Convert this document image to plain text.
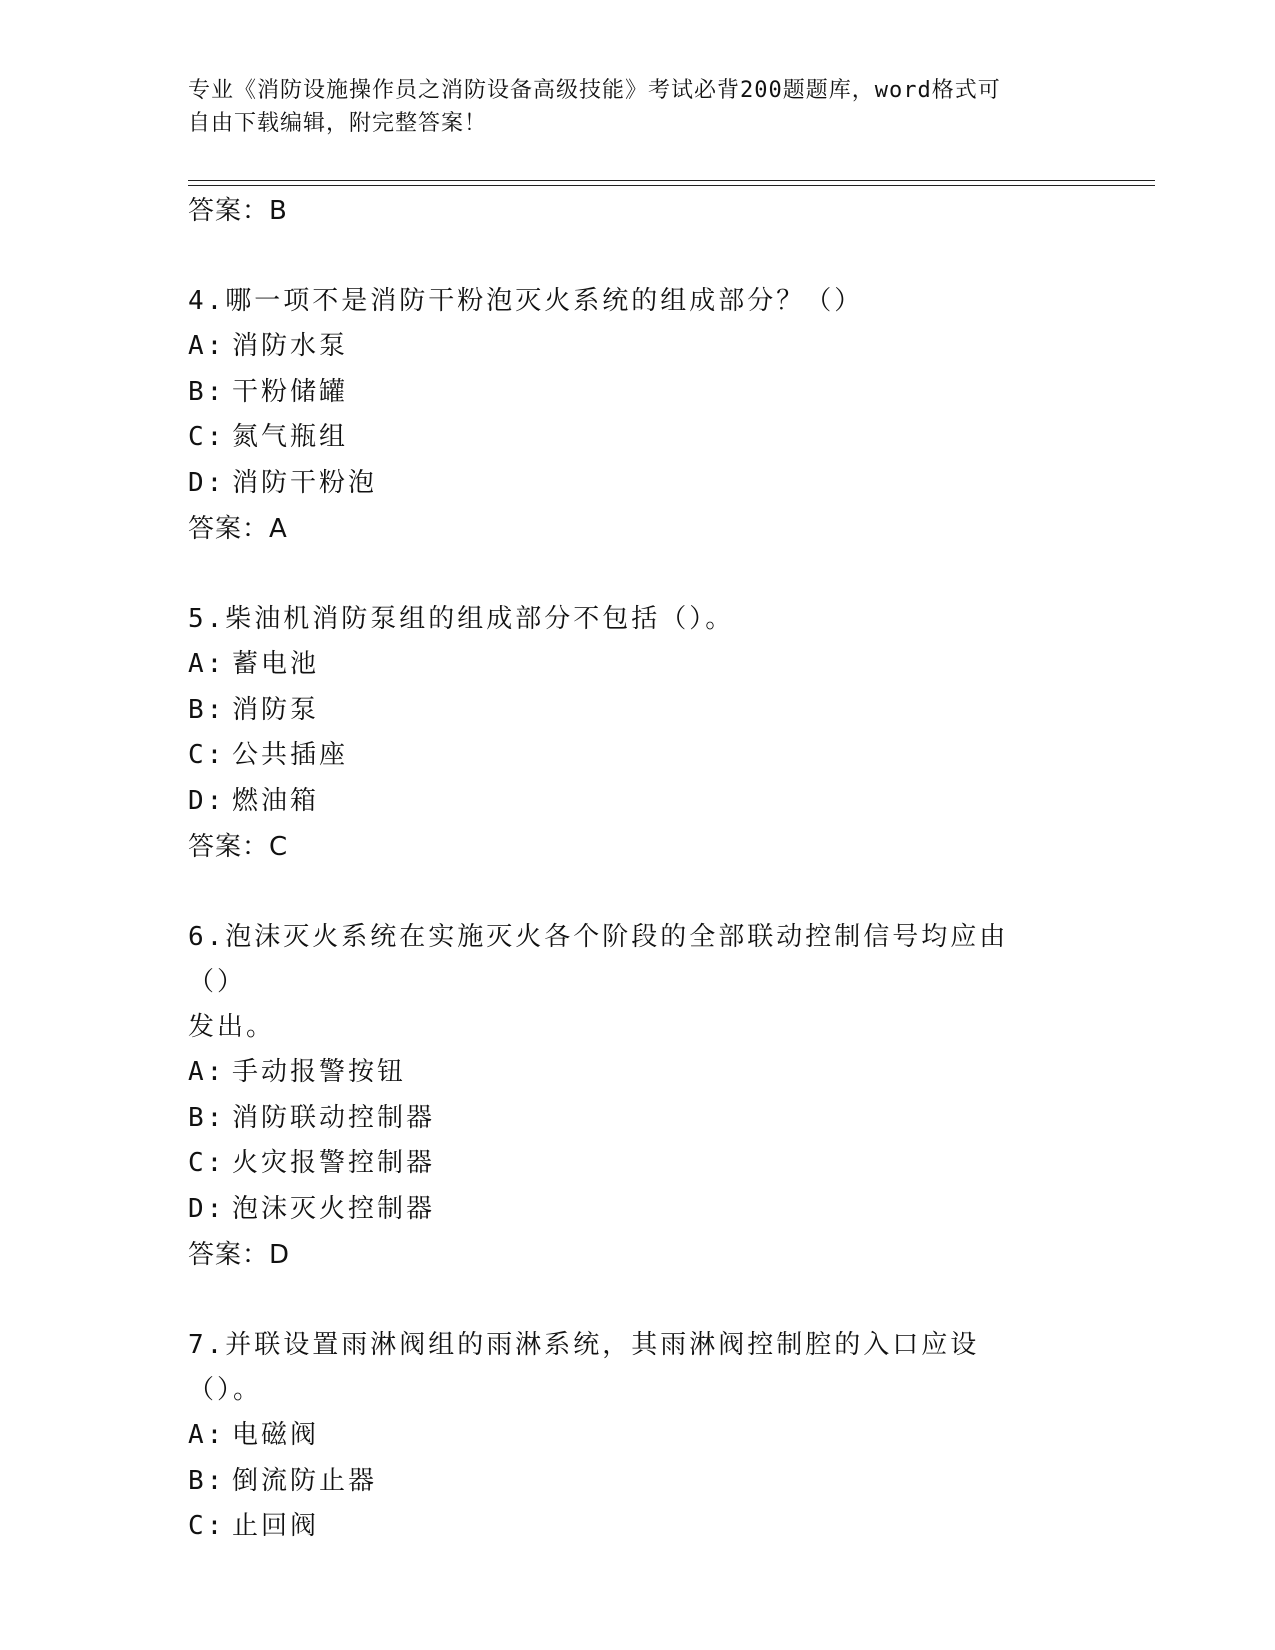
专业《消防设施操作员之消防设备高级技能》考试必背200题题库，word格式可
自由下载编辑，附完整答案！
答案：B
4.哪一项不是消防干粉泡灭火系统的组成部分？（）
A: 消防水泵
B: 干粉储罐
C: 氮气瓶组
D: 消防干粉泡
答案：A
5.柴油机消防泵组的组成部分不包括（）。
A: 蓄电池
B: 消防泵
C: 公共插座
D: 燃油箱
答案：C
6.泡沫灭火系统在实施灭火各个阶段的全部联动控制信号均应由（）
发出。
A: 手动报警按钮
B: 消防联动控制器
C: 火灾报警控制器
D: 泡沫灭火控制器
答案：D
7.并联设置雨淋阀组的雨淋系统，其雨淋阀控制腔的入口应设（）。
A: 电磁阀
B: 倒流防止器
C: 止回阀
